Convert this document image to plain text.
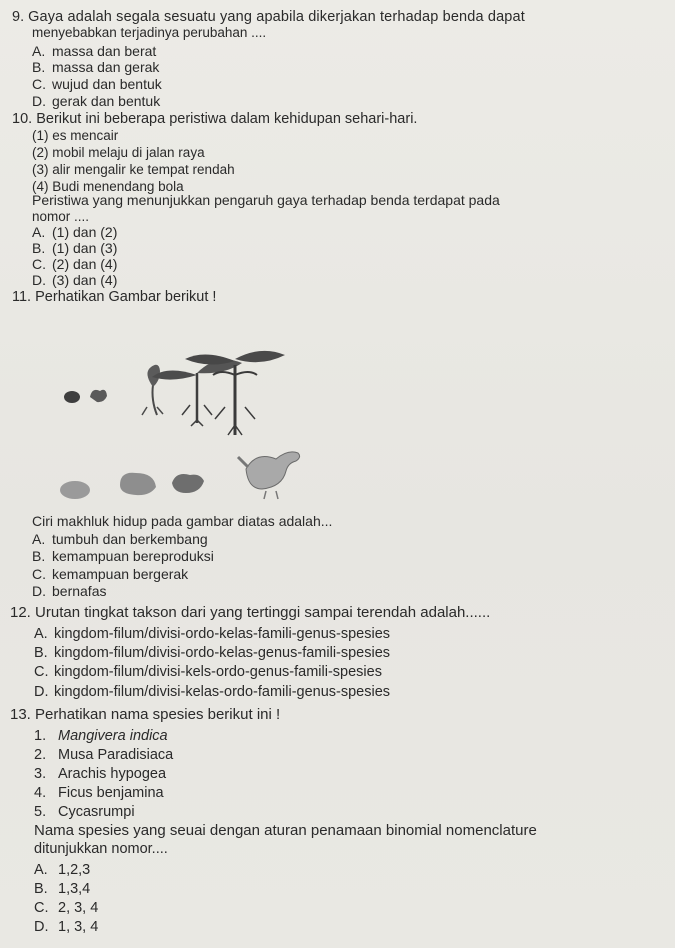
9. Gaya adalah segala sesuatu yang apabila dikerjakan terhadap benda dapat
menyebabkan terjadinya perubahan ....
A. massa dan berat
B. massa dan gerak
C. wujud dan bentuk
D. gerak dan bentuk
10. Berikut ini beberapa peristiwa dalam kehidupan sehari-hari.
(1) es mencair
(2) mobil melaju di jalan raya
(3) alir mengalir ke tempat rendah
(4) Budi menendang bola
Peristiwa yang menunjukkan pengaruh gaya terhadap benda terdapat pada
nomor ....
A. (1) dan (2)
B. (1) dan (3)
C. (2) dan (4)
D. (3) dan (4)
11. Perhatikan Gambar berikut !
Ciri makhluk hidup pada gambar diatas adalah...
A. tumbuh dan berkembang
B. kemampuan bereproduksi
C. kemampuan bergerak
D. bernafas
12. Urutan tingkat takson dari yang tertinggi sampai terendah adalah......
A. kingdom-filum/divisi-ordo-kelas-famili-genus-spesies
B. kingdom-filum/divisi-ordo-kelas-genus-famili-spesies
C. kingdom-filum/divisi-kels-ordo-genus-famili-spesies
D. kingdom-filum/divisi-kelas-ordo-famili-genus-spesies
13. Perhatikan nama spesies berikut ini !
1. Mangivera indica
2. Musa Paradisiaca
3. Arachis hypogea
4. Ficus benjamina
5. Cycasrumpi
Nama spesies yang seuai dengan aturan penamaan binomial nomenclature
ditunjukkan nomor....
A. 1,2,3
B. 1,3,4
C. 2, 3, 4
D. 1, 3, 4
